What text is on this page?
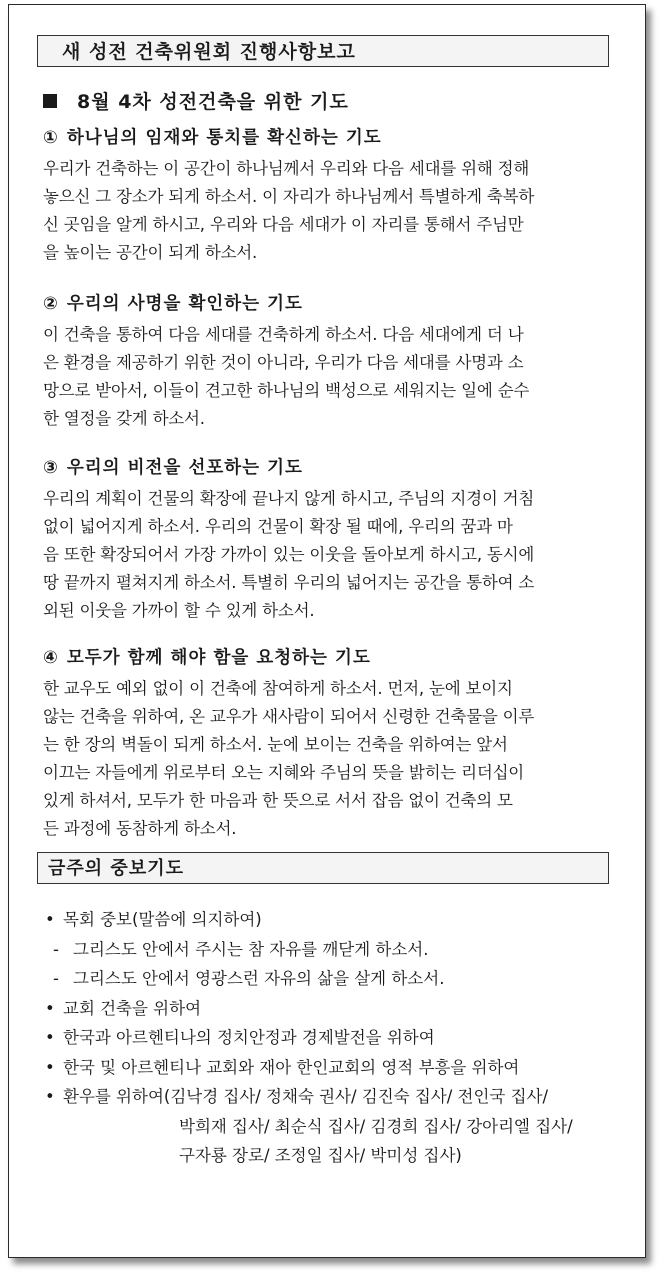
새 성전 건축위원회 진행사항보고
8월 4차 성전건축을 위한 기도
① 하나님의 임재와 통치를 확신하는 기도

우리가 건축하는 이 공간이 하나님께서 우리와 다음 세대를 위해 정해
놓으신 그 장소가 되게 하소서. 이 자리가 하나님께서 특별하게 축복하
신 곳임을 알게 하시고, 우리와 다음 세대가 이 자리를 통해서 주님만
을 높이는 공간이 되게 하소서.

② 우리의 사명을 확인하는 기도

이 건축을 통하여 다음 세대를 건축하게 하소서. 다음 세대에게 더 나
은 환경을 제공하기 위한 것이 아니라, 우리가 다음 세대를 사명과 소
망으로 받아서, 이들이 견고한 하나님의 백성으로 세워지는 일에 순수
한 열정을 갖게 하소서.

③ 우리의 비전을 선포하는 기도

우리의 계획이 건물의 확장에 끝나지 않게 하시고, 주님의 지경이 거침
없이 넓어지게 하소서. 우리의 건물이 확장 될 때에, 우리의 꿈과 마
음 또한 확장되어서 가장 가까이 있는 이웃을 돌아보게 하시고, 동시에
땅 끝까지 펼쳐지게 하소서. 특별히 우리의 넓어지는 공간을 통하여 소
외된 이웃을 가까이 할 수 있게 하소서.

④ 모두가 함께 해야 함을 요청하는 기도

한 교우도 예외 없이 이 건축에 참여하게 하소서. 먼저, 눈에 보이지
않는 건축을 위하여, 온 교우가 새사람이 되어서 신령한 건축물을 이루
는 한 장의 벽돌이 되게 하소서. 눈에 보이는 건축을 위하여는 앞서
이끄는 자들에게 위로부터 오는 지혜와 주님의 뜻을 밝히는 리더십이
있게 하셔서, 모두가 한 마음과 한 뜻으로 서서 잡음 없이 건축의 모
든 과정에 동참하게 하소서.

금주의 중보기도
• 목회 중보(말씀에 의지하여)
- 그리스도 안에서 주시는 참 자유를 깨닫게 하소서.
- 그리스도 안에서 영광스런 자유의 삶을 살게 하소서.
• 교회 건축을 위하여
• 한국과 아르헨티나의 정치안정과 경제발전을 위하여
• 한국 및 아르헨티나 교회와 재아 한인교회의 영적 부흥을 위하여
• 환우를 위하여(김낙경 집사/ 정채숙 권사/ 김진숙 집사/ 전인국 집사/
박희재 집사/ 최순식 집사/ 김경희 집사/ 강아리엘 집사/
구자룡 장로/ 조정일 집사/ 박미성 집사)
